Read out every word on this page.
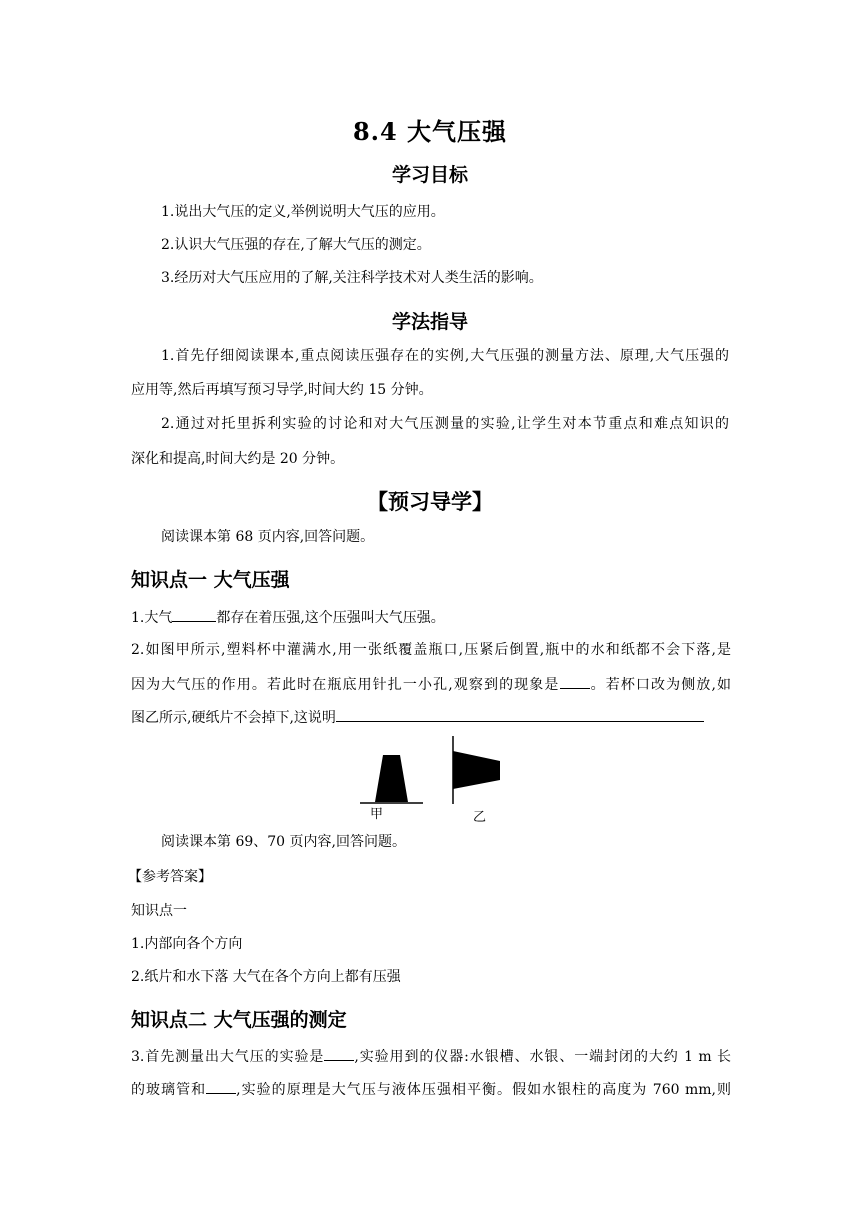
8.4 大气压强
学习目标
1.说出大气压的定义,举例说明大气压的应用。
2.认识大气压强的存在,了解大气压的测定。
3.经历对大气压应用的了解,关注科学技术对人类生活的影响。
学法指导
1.首先仔细阅读课本,重点阅读压强存在的实例,大气压强的测量方法、原理,大气压强的
应用等,然后再填写预习导学,时间大约 15 分钟。
2.通过对托里拆利实验的讨论和对大气压测量的实验,让学生对本节重点和难点知识的
深化和提高,时间大约是 20 分钟。
【预习导学】
阅读课本第 68 页内容,回答问题。
知识点一 大气压强
1.大气	都存在着压强,这个压强叫大气压强。
2.如图甲所示,塑料杯中灌满水,用一张纸覆盖瓶口,压紧后倒置,瓶中的水和纸都不会下落,是
因为大气压的作用。若此时在瓶底用针扎一小孔,观察到的现象是 。若杯口改为侧放,如
图乙所示,硬纸片不会掉下,这说明
甲	乙
阅读课本第 69、70 页内容,回答问题。
【参考答案】
知识点一
1.内部向各个方向
2.纸片和水下落 大气在各个方向上都有压强
知识点二 大气压强的测定
3.首先测量出大气压的实验是 ,实验用到的仪器:水银槽、水银、一端封闭的大约 1 m 长
的玻璃管和 ,实验的原理是大气压与液体压强相平衡。假如水银柱的高度为 760 mm,则
